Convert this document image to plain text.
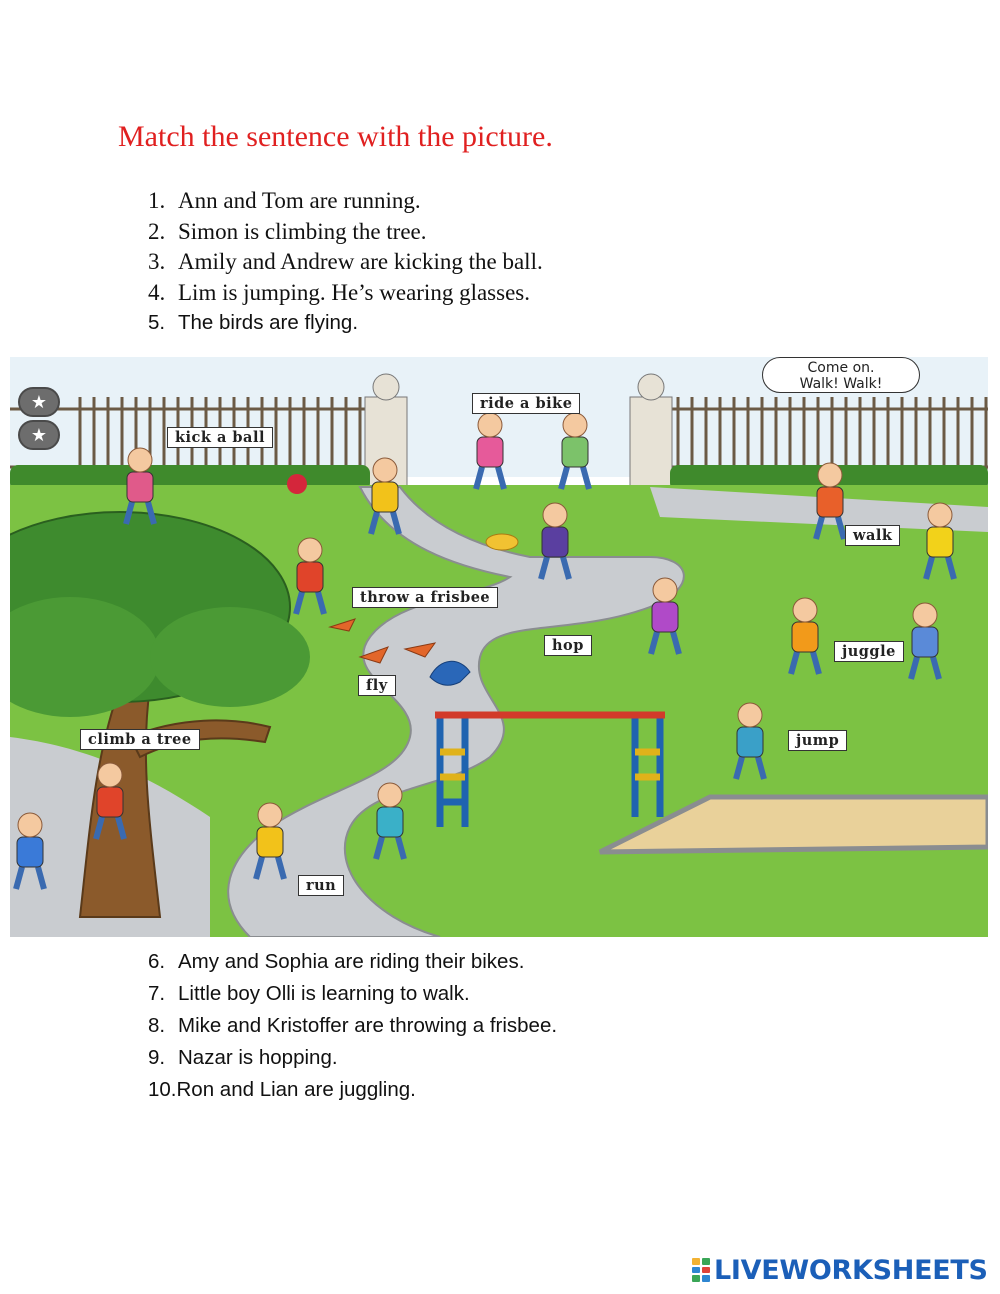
Match the sentence with the picture.
1. Ann and Tom are running.
2. Simon is climbing the tree.
3. Amily and Andrew are kicking the ball.
4. Lim is jumping. He’s wearing glasses.
5. The birds are flying.
★
★
ride a bike
kick a ball
walk
throw a frisbee
hop	juggle
fly
climb a tree	jump
run
Come on.
Walk! Walk!
6. Amy and Sophia are riding their bikes.
7. Little boy Olli is learning to walk.
8. Mike and Kristoffer are throwing a frisbee.
9. Nazar is hopping.
10.Ron and Lian are juggling.
LIVEWORKSHEETS
